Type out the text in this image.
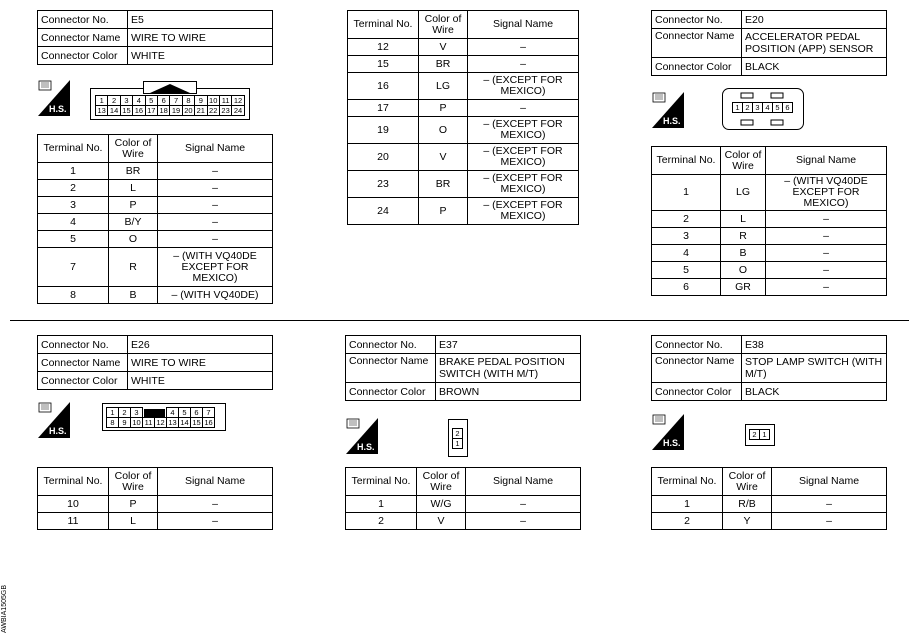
Connector No.	E5
Connector Name	WIRE TO WIRE
Connector Color	WHITE
H.S.
1	2	3	4	5	6	7	8	9 10 11 12
13 14 15 16 17 18 19 20 21 22 23 24
Terminal No.	Color of Wire	Signal Name
1	BR	–
2	L	–
3	P	–
4	B/Y	–
5	O	–
7	R	– (WITH VQ40DE EXCEPT FOR MEXICO)
8	B	– (WITH VQ40DE)
Terminal No.	Color of Wire	Signal Name
12	V	–
15	BR	–
16	LG	– (EXCEPT FOR MEXICO)
17	P	–
19	O	– (EXCEPT FOR MEXICO)
20	V	– (EXCEPT FOR MEXICO)
23	BR	– (EXCEPT FOR MEXICO)
24	P	– (EXCEPT FOR MEXICO)
Connector No.	E20
Connector Name	ACCELERATOR PEDAL POSITION (APP) SENSOR
Connector Color	BLACK
H.S.
1 2 3 4 5 6
Terminal No.	Color of Wire	Signal Name
1	LG	– (WITH VQ40DE EXCEPT FOR MEXICO)
2	L	–
3	R	–
4	B	–
5	O	–
6	GR	–
Connector No.	E26
Connector Name	WIRE TO WIRE
Connector Color	WHITE
H.S.
1	2	3	4	5	6	7
8	9 10 11 12 13 14 15 16
Terminal No.	Color of Wire	Signal Name
10	P	–
11	L	–
Connector No.	E37
Connector Name	BRAKE PEDAL POSITION SWITCH (WITH M/T)
Connector Color	BROWN
H.S.
2
1
Terminal No.	Color of Wire	Signal Name
1	W/G	–
2	V	–
Connector No.	E38
Connector Name	STOP LAMP SWITCH (WITH M/T)
Connector Color	BLACK
H.S.
2 1
Terminal No.	Color of Wire	Signal Name
1	R/B	–
2	Y	–
AWBIA1505GB
